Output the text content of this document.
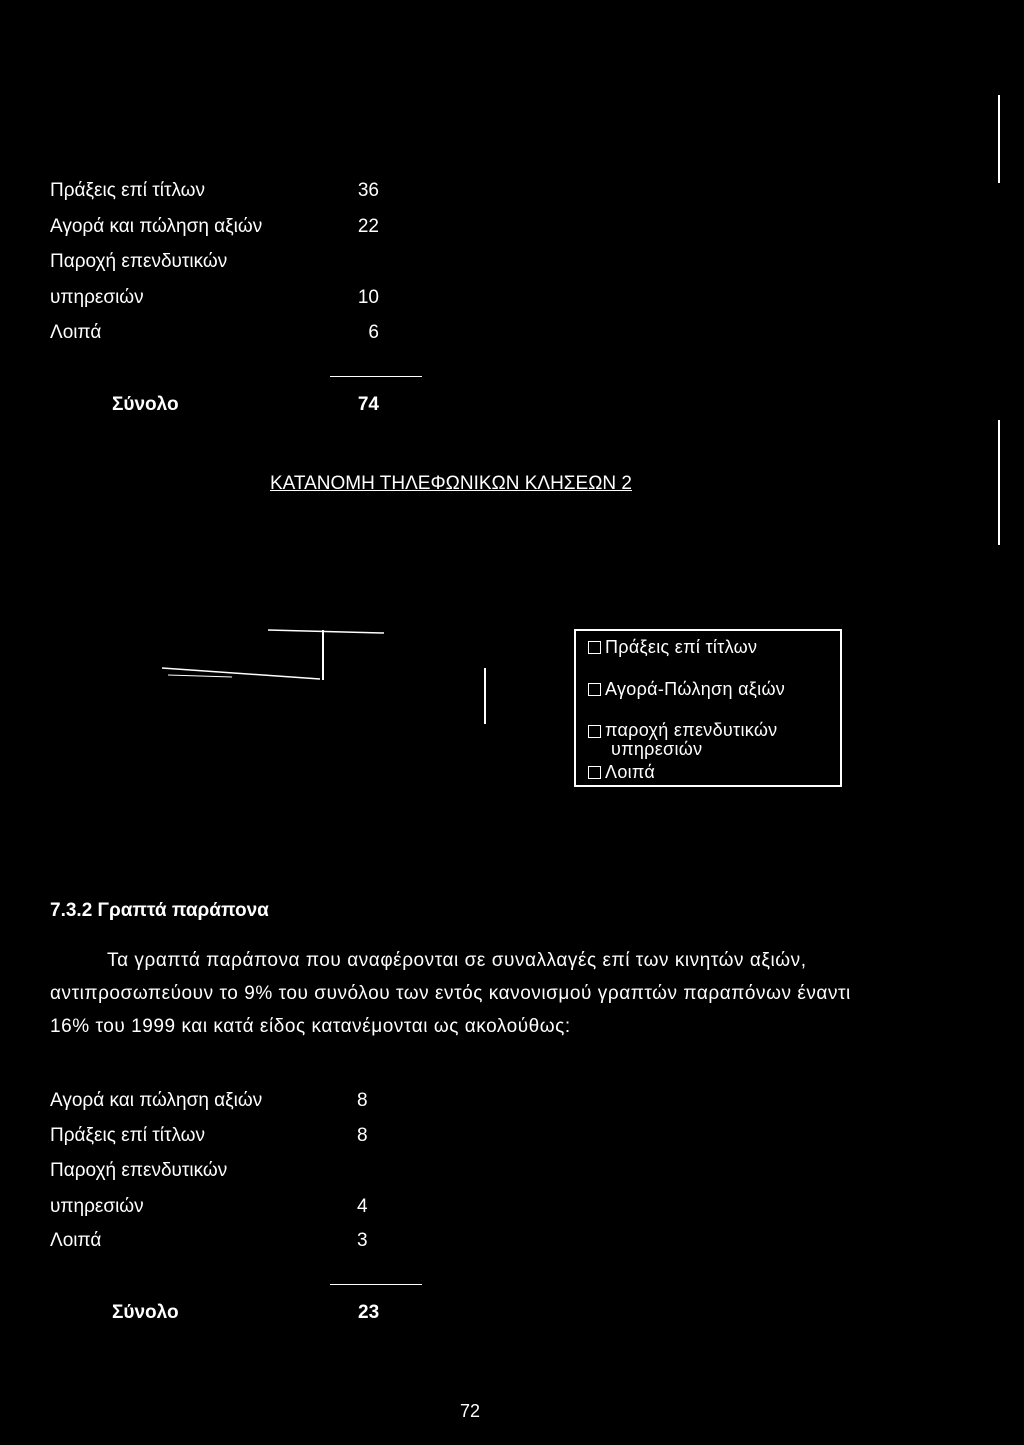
Πράξεις επί τίτλων	36
Αγορά και πώληση αξιών	22
Παροχή επενδυτικών
υπηρεσιών	10
Λοιπά	6
Σύνολο	74
ΚΑΤΑΝΟΜΗ ΤΗΛΕΦΩΝΙΚΩΝ ΚΛΗΣΕΩΝ 2
Πράξεις επί τίτλων
Αγορά-Πώληση αξιών
παροχή επενδυτικών
υπηρεσιών
Λοιπά
7.3.2 Γραπτά παράπονα
Τα γραπτά παράπονα που αναφέρονται σε συναλλαγές επί των κινητών αξιών,
αντιπροσωπεύουν το 9% του συνόλου των εντός κανονισμού γραπτών παραπόνων έναντι
16% του 1999 και κατά είδος κατανέμονται ως ακολούθως:
Αγορά και πώληση αξιών	8
Πράξεις επί τίτλων	8
Παροχή επενδυτικών
υπηρεσιών	4
Λοιπά	3
Σύνολο	23
72
